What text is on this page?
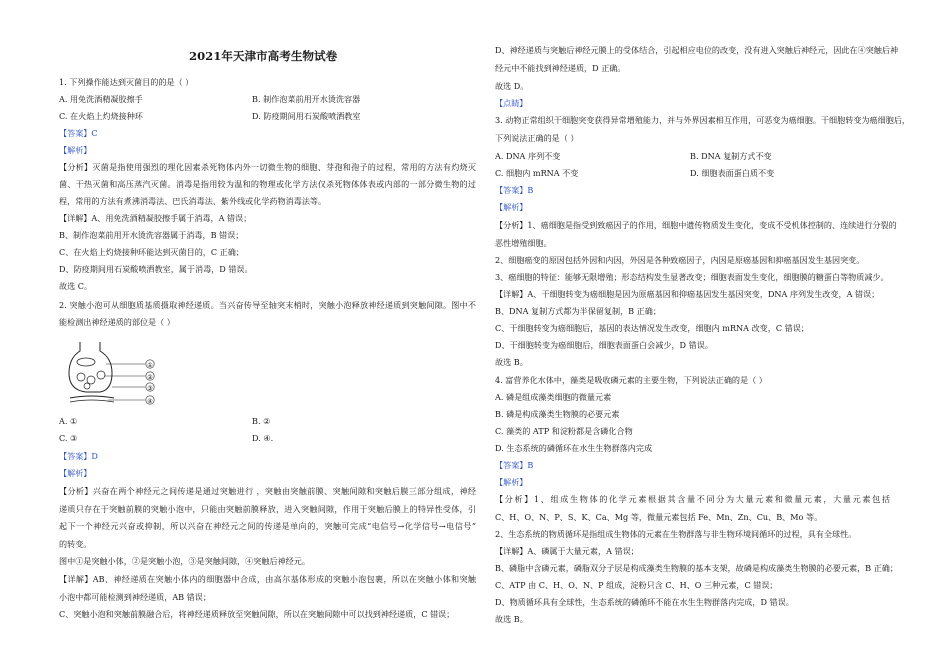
2021年天津市高考生物试卷
1. 下列操作能达到灭菌目的的是（ ）
A. 用免洗酒精凝胶擦手	B. 制作泡菜前用开水烫洗容器
C. 在火焰上灼烧接种环	D. 防疫期间用石炭酸喷洒教室
【答案】C
【解析】
【分析】灭菌是指使用强烈的理化因素杀死物体内外一切微生物的细胞、芽孢和孢子的过程，常用的方法有灼烧灭
菌、干热灭菌和高压蒸汽灭菌。消毒是指用较为温和的物理或化学方法仅杀死物体体表或内部的一部分微生物的过
程，常用的方法有煮沸消毒法、巴氏消毒法、紫外线或化学药物消毒法等。
【详解】A、用免洗酒精凝胶擦手属于消毒，A 错误；
B、制作泡菜前用开水烫洗容器属于消毒，B 错误；
C、在火焰上灼烧接种环能达到灭菌目的，C 正确；
D、防疫期间用石炭酸喷洒教室，属于消毒，D 错误。
故选 C。
2. 突触小泡可从细胞质基质摄取神经递质。当兴奋传导至轴突末梢时，突触小泡释放神经递质到突触间隙。图中不
能检测出神经递质的部位是（ ）
①
②
③
④
A. ①	B. ②
C. ③	D. ④.
【答案】D
【解析】
【分析】兴奋在两个神经元之间传递是通过突触进行 ，突触由突触前膜、突触间隙和突触后膜三部分组成，神经
递质只存在于突触前膜的突触小泡中，只能由突触前膜释放，进入突触间隙，作用于突触后膜上的特异性受体，引
起下一个神经元兴奋或抑制，所以兴奋在神经元之间的传递是单向的，突触可完成“电信号→化学信号→电信号”
的转变。
图中①是突触小体，②是突触小泡，③是突触间隙，④突触后神经元。
【详解】AB、神经递质在突触小体内的细胞器中合成，由高尔基体形成的突触小泡包裹，所以在突触小体和突触
小泡中都可能检测到神经递质，AB 错误；
C、突触小泡和突触前膜融合后，将神经递质释放至突触间隙，所以在突触间隙中可以找到神经递质，C 错误；
D、神经递质与突触后神经元膜上的受体结合，引起相应电位的改变，没有进入突触后神经元，因此在④突触后神
经元中不能找到神经递质，D 正确。
故选 D。
【点睛】
3. 动物正常组织干细胞突变获得异常增殖能力，并与外界因素相互作用，可恶变为癌细胞。干细胞转变为癌细胞后，
下列说法正确的是（ ）
A. DNA 序列不变	B. DNA 复制方式不变
C. 细胞内 mRNA 不变	D. 细胞表面蛋白质不变
【答案】B
【解析】
【分析】1、癌细胞是指受到致癌因子的作用，细胞中遗传物质发生变化，变成不受机体控制的、连续进行分裂的
恶性增殖细胞。
2、细胞癌变的原因包括外因和内因，外因是各种致癌因子，内因是原癌基因和抑癌基因发生基因突变。
3、癌细胞的特征：能够无限增殖；形态结构发生显著改变；细胞表面发生变化，细胞膜的糖蛋白等物质减少。
【详解】A、干细胞转变为癌细胞是因为原癌基因和抑癌基因发生基因突变，DNA 序列发生改变，A 错误；
B、DNA 复制方式都为半保留复制，B 正确；
C、干细胞转变为癌细胞后，基因的表达情况发生改变，细胞内 mRNA 改变，C 错误；
D、干细胞转变为癌细胞后，细胞表面蛋白会减少，D 错误。
故选 B。
4. 富营养化水体中，藻类是吸收磷元素的主要生物，下列说法正确的是（ ）
A. 磷是组成藻类细胞的微量元素
B. 磷是构成藻类生物膜的必要元素
C. 藻类的 ATP 和淀粉都是含磷化合物
D. 生态系统的磷循环在水生生物群落内完成
【答案】B
【解析】
【分析】1、组成生物体的化学元素根据其含量不同分为大量元素和微量元素，大量元素包括
C、H、O、N、P、S、K、Ca、Mg 等，微量元素包括 Fe、Mn、Zn、Cu、B、Mo 等。
2、生态系统的物质循环是指组成生物体的元素在生物群落与非生物环境间循环的过程，具有全球性。
【详解】A、磷属于大量元素，A 错误；
B、磷脂中含磷元素，磷脂双分子层是构成藻类生物膜的基本支架，故磷是构成藻类生物膜的必要元素，B 正确；
C、ATP 由 C、H、O、N、P 组成，淀粉只含 C、H、O 三种元素，C 错误；
D、物质循环具有全球性，生态系统的磷循环不能在水生生物群落内完成，D 错误。
故选 B。
